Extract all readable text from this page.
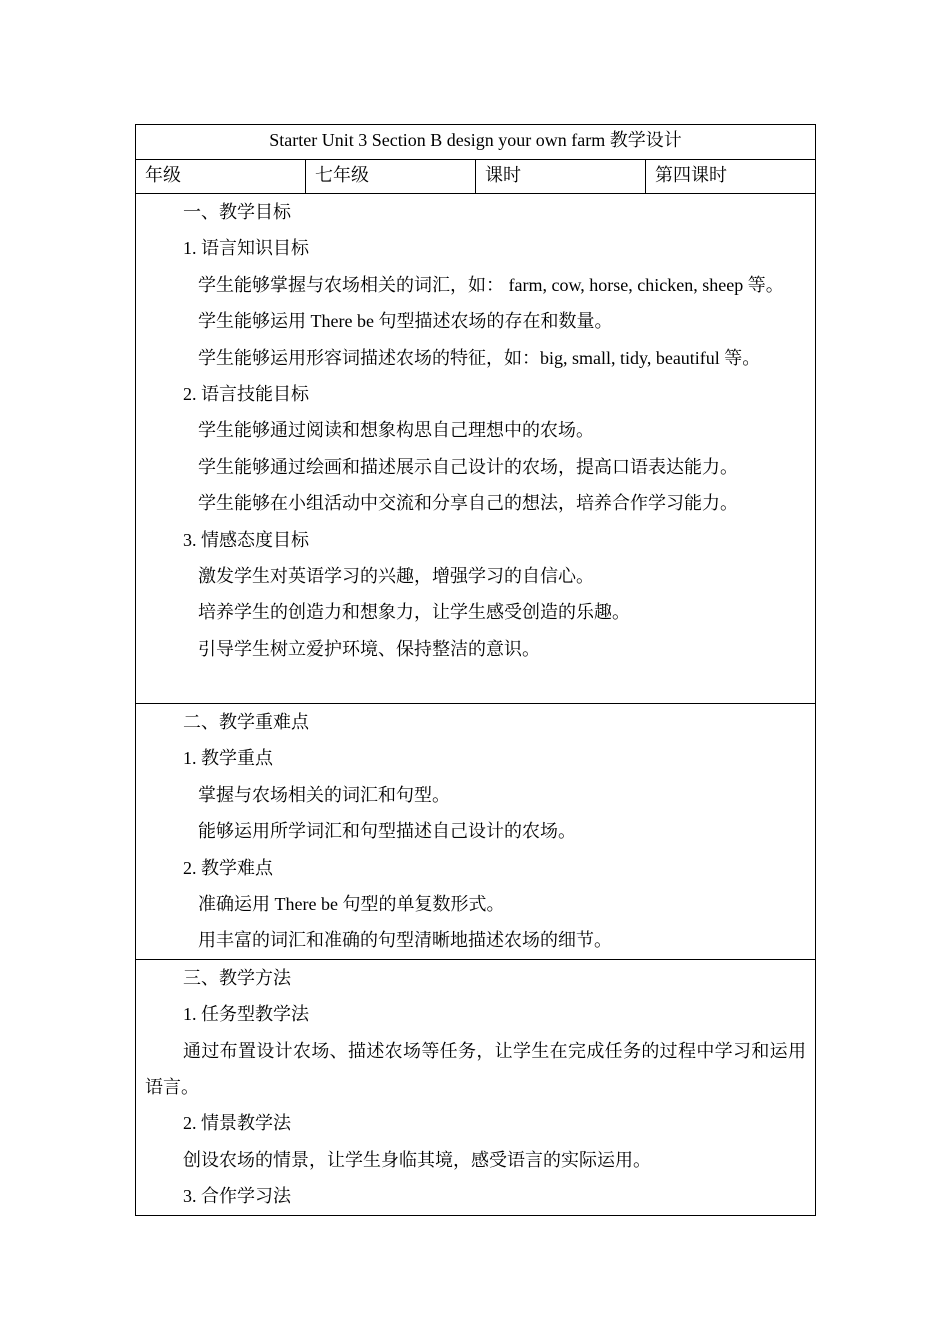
Starter Unit 3 Section B design your own farm 教学设计
年级	七年级	课时	第四课时

一、教学目标
1. 语言知识目标
学生能够掌握与农场相关的词汇，如： farm, cow, horse, chicken, sheep 等。
学生能够运用 There be 句型描述农场的存在和数量。
学生能够运用形容词描述农场的特征，如：big, small, tidy, beautiful 等。
2. 语言技能目标
学生能够通过阅读和想象构思自己理想中的农场。
学生能够通过绘画和描述展示自己设计的农场，提高口语表达能力。
学生能够在小组活动中交流和分享自己的想法，培养合作学习能力。
3. 情感态度目标
激发学生对英语学习的兴趣，增强学习的自信心。
培养学生的创造力和想象力，让学生感受创造的乐趣。
引导学生树立爱护环境、保持整洁的意识。

二、教学重难点
1. 教学重点
掌握与农场相关的词汇和句型。
能够运用所学词汇和句型描述自己设计的农场。
2. 教学难点
准确运用 There be 句型的单复数形式。
用丰富的词汇和准确的句型清晰地描述农场的细节。

三、教学方法
1. 任务型教学法
通过布置设计农场、描述农场等任务，让学生在完成任务的过程中学习和运用语言。
2. 情景教学法
创设农场的情景，让学生身临其境，感受语言的实际运用。
3. 合作学习法
